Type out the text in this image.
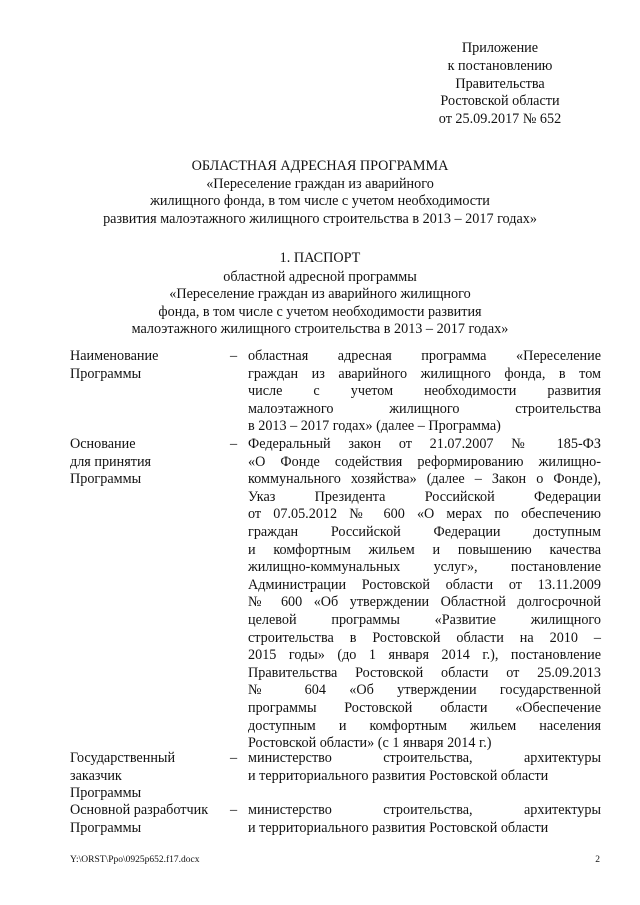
Приложение
к постановлению
Правительства
Ростовской области
от 25.09.2017 № 652
ОБЛАСТНАЯ АДРЕСНАЯ ПРОГРАММА
«Переселение граждан из аварийного
жилищного фонда, в том числе с учетом необходимости
развития малоэтажного жилищного строительства в 2013 – 2017 годах»
1. ПАСПОРТ
областной адресной программы
«Переселение граждан из аварийного жилищного
фонда, в том числе с учетом необходимости развития
малоэтажного жилищного строительства в 2013 – 2017 годах»
Наименование
Программы
– областная адресная программа «Переселение
граждан из аварийного жилищного фонда, в том
числе с учетом необходимости развития
малоэтажного жилищного строительства
в 2013 – 2017 годах» (далее – Программа)
Основание
для принятия
Программы
– Федеральный закон от 21.07.2007 № 185-ФЗ
«О Фонде содействия реформированию жилищно-
коммунального хозяйства» (далее – Закон о Фонде),
Указ Президента Российской Федерации
от 07.05.2012 № 600 «О мерах по обеспечению
граждан Российской Федерации доступным
и комфортным жильем и повышению качества
жилищно-коммунальных услуг», постановление
Администрации Ростовской области от 13.11.2009
№ 600 «Об утверждении Областной долгосрочной
целевой программы «Развитие жилищного
строительства в Ростовской области на 2010 –
2015 годы» (до 1 января 2014 г.), постановление
Правительства Ростовской области от 25.09.2013
№ 604 «Об утверждении государственной
программы Ростовской области «Обеспечение
доступным и комфортным жильем населения
Ростовской области» (с 1 января 2014 г.)
Государственный
заказчик
Программы
– министерство строительства, архитектуры
и территориального развития Ростовской области
Основной разработчик
Программы
– министерство строительства, архитектуры
и территориального развития Ростовской области
Y:\ORST\Ppo\0925p652.f17.docx	2
